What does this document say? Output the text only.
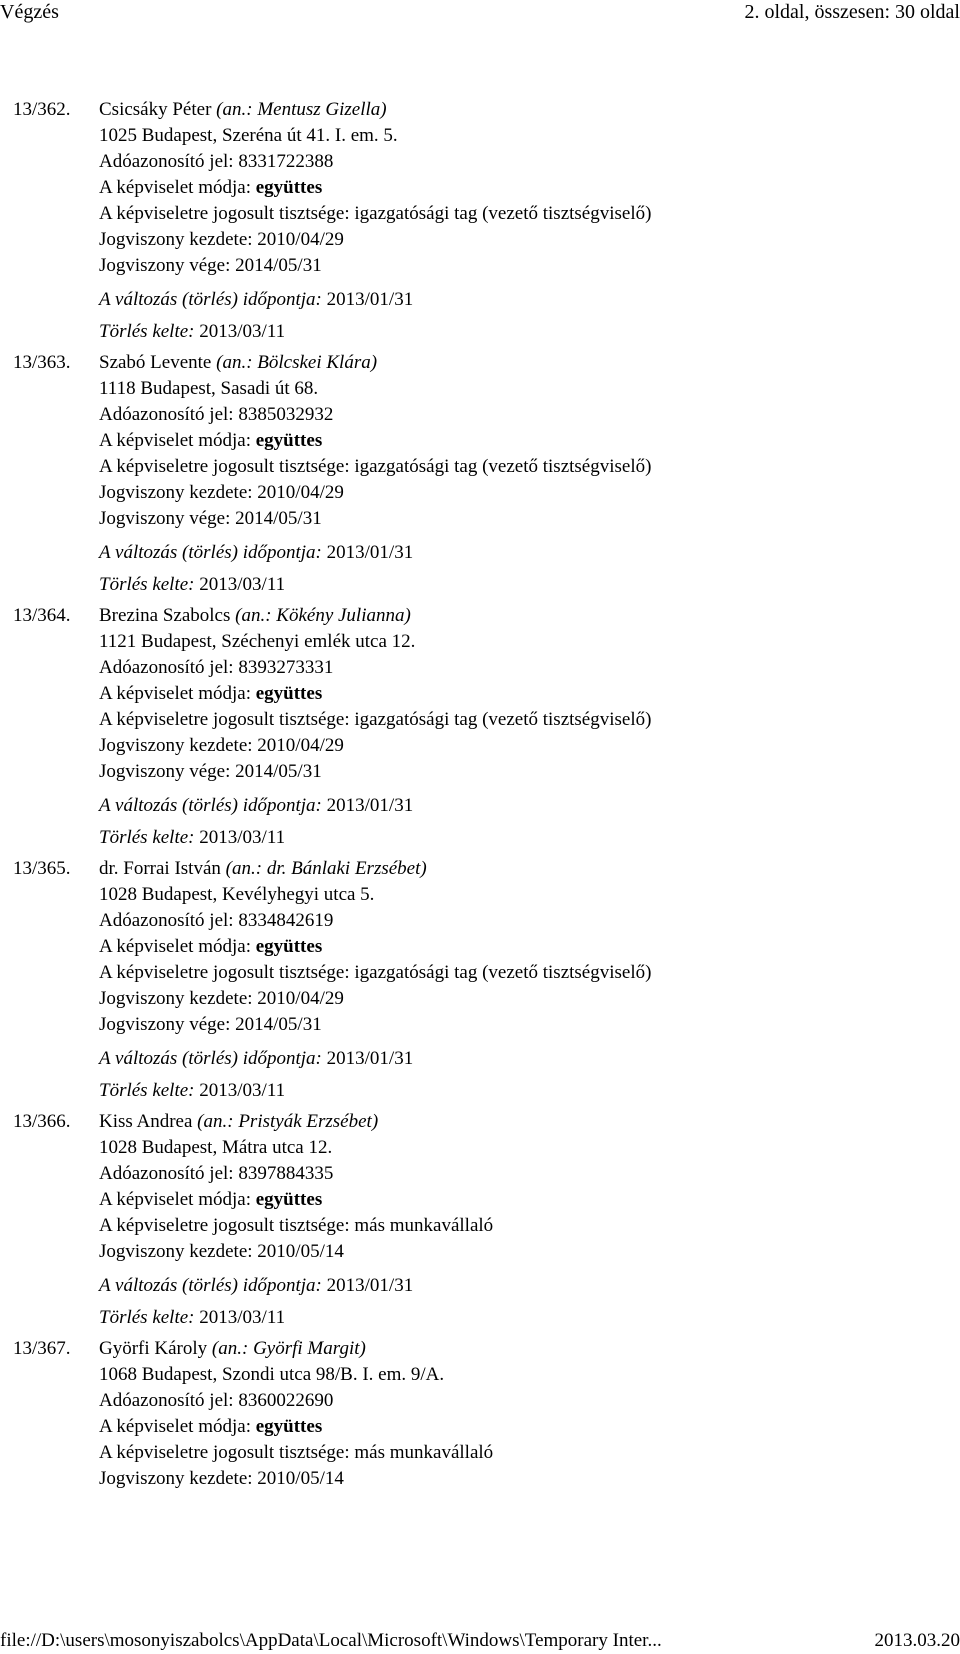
Végzés	2. oldal, összesen: 30 oldal
13/362. Csicsáky Péter (an.: Mentusz Gizella)
1025 Budapest, Szeréna út 41. I. em. 5.
Adóazonosító jel: 8331722388
A képviselet módja: együttes
A képviseletre jogosult tisztsége: igazgatósági tag (vezető tisztségviselő)
Jogviszony kezdete: 2010/04/29
Jogviszony vége: 2014/05/31
A változás (törlés) időpontja: 2013/01/31
Törlés kelte: 2013/03/11
13/363. Szabó Levente (an.: Bölcskei Klára)
1118 Budapest, Sasadi út 68.
Adóazonosító jel: 8385032932
A képviselet módja: együttes
A képviseletre jogosult tisztsége: igazgatósági tag (vezető tisztségviselő)
Jogviszony kezdete: 2010/04/29
Jogviszony vége: 2014/05/31
A változás (törlés) időpontja: 2013/01/31
Törlés kelte: 2013/03/11
13/364. Brezina Szabolcs (an.: Kökény Julianna)
1121 Budapest, Széchenyi emlék utca 12.
Adóazonosító jel: 8393273331
A képviselet módja: együttes
A képviseletre jogosult tisztsége: igazgatósági tag (vezető tisztségviselő)
Jogviszony kezdete: 2010/04/29
Jogviszony vége: 2014/05/31
A változás (törlés) időpontja: 2013/01/31
Törlés kelte: 2013/03/11
13/365. dr. Forrai István (an.: dr. Bánlaki Erzsébet)
1028 Budapest, Kevélyhegyi utca 5.
Adóazonosító jel: 8334842619
A képviselet módja: együttes
A képviseletre jogosult tisztsége: igazgatósági tag (vezető tisztségviselő)
Jogviszony kezdete: 2010/04/29
Jogviszony vége: 2014/05/31
A változás (törlés) időpontja: 2013/01/31
Törlés kelte: 2013/03/11
13/366. Kiss Andrea (an.: Pristyák Erzsébet)
1028 Budapest, Mátra utca 12.
Adóazonosító jel: 8397884335
A képviselet módja: együttes
A képviseletre jogosult tisztsége: más munkavállaló
Jogviszony kezdete: 2010/05/14
A változás (törlés) időpontja: 2013/01/31
Törlés kelte: 2013/03/11
13/367. Györfi Károly (an.: Györfi Margit)
1068 Budapest, Szondi utca 98/B. I. em. 9/A.
Adóazonosító jel: 8360022690
A képviselet módja: együttes
A képviseletre jogosult tisztsége: más munkavállaló
Jogviszony kezdete: 2010/05/14
file://D:\users\mosonyiszabolcs\AppData\Local\Microsoft\Windows\Temporary Inter...	2013.03.20
